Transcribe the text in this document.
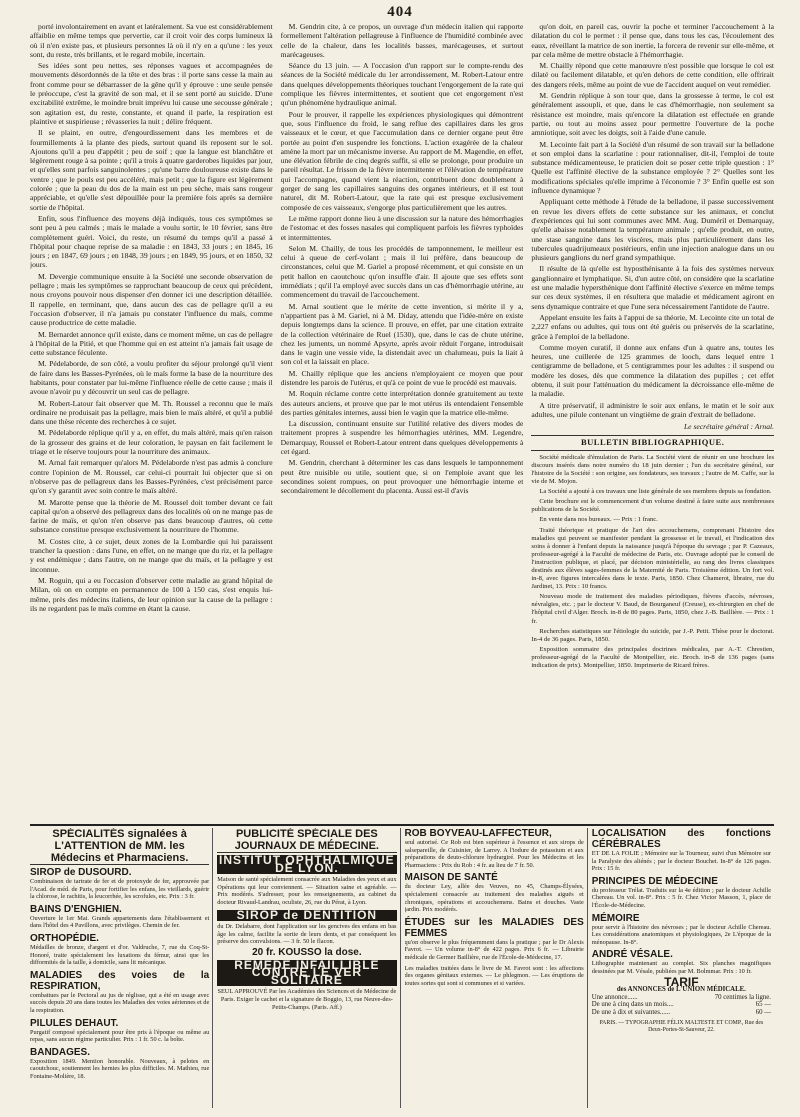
404

porté involontairement en avant et latéralement. Sa vue est considérablement affaiblie en même temps que pervertie, car il croit voir des corps lumineux là où il n'en existe pas, et plusieurs personnes là où il n'y en a qu'une : les yeux sont, du reste, très brillants, et le regard mobile, incertain.

Ses idées sont peu nettes, ses réponses vagues et accompagnées de mouvements désordonnés de la tête et des bras : il porte sans cesse la main au front comme pour se débarrasser de la gêne qu'il y éprouve : une seule pensée le préoccupe, c'est la gravité de son mal, et il se sent porté au suicide. D'une excitabilité extrême, le moindre bruit imprévu lui cause une secousse générale ; son agitation est, du reste, constante, et quand il parle, la respiration est plaintive et suspirieuse ; révasseries la nuit ; délire fréquent.

Il se plaint, en outre, d'engourdissement dans les membres et de fourmillements à la plante des pieds, surtout quand ils reposent sur le sol. Ajoutons qu'il a peu d'appétit ; peu de soif ; que la langue est blanchâtre et légèrement rouge à sa pointe ; qu'il a trois à quatre garderobes liquides par jour, et qu'elles sont parfois sanguinolentes ; qu'une barre douloureuse existe dans le ventre ; que le pouls est peu accéléré, mais petit ; que la figure est légèrement colorée ; que la peau du dos de la main est un peu sèche, mais sans rougeur appréciable, et qu'elle s'est dépouillée pour la première fois après sa dernière sortie de l'hôpital.

Enfin, sous l'influence des moyens déjà indiqués, tous ces symptômes se sont peu à peu calmés ; mais le malade a voulu sortir, le 10 février, sans être complètement guéri. Voici, du reste, un résumé du temps qu'il a passé à l'hôpital pour chaque reprise de sa maladie : en 1843, 33 jours ; en 1845, 16 jours ; en 1847, 69 jours ; en 1848, 39 jours ; en 1849, 95 jours, et en 1850, 32 jours.

M. Devergie communique ensuite à la Société une seconde observation de pellagre ; mais les symptômes se rapprochant beaucoup de ceux qui précèdent, nous croyons pouvoir nous dispenser d'en donner ici une description détaillée. Il rappelle, en terminant, que, dans aucun des cas de pellagre qu'il a eu l'occasion d'observer, il n'a jamais pu constater l'influence du maïs, comme cause productrice de cette maladie.

M. Bernardet annonce qu'il existe, dans ce moment même, un cas de pellagre à l'hôpital de la Pitié, et que l'homme qui en est atteint n'a jamais fait usage de cette substance féculente.

M. Pédelaborde, de son côté, a voulu profiter du séjour prolongé qu'il vient de faire dans les Basses-Pyrénées, où le maïs forme la base de la nourriture des habitants, pour constater par lui-même l'influence réelle de cette cause ; mais il avoue n'avoir pu y découvrir un seul cas de pellagre.

M. Robert-Latour fait observer que M. Th. Roussel a reconnu que le maïs ordinaire ne produisait pas la pellagre, mais bien le maïs altéré, et qu'il a publié dans une thèse récente des recherches à ce sujet.

M. Pédelaborde réplique qu'il y a, en effet, du maïs altéré, mais qu'en raison de la grosseur des grains et de leur coloration, le paysan en fait facilement le triage et le réserve toujours pour la nourriture des animaux.

M. Arnal fait remarquer qu'alors M. Pédelaborde n'est pas admis à conclure contre l'opinion de M. Roussel, car celui-ci pourrait lui objecter que si on n'observe pas de pellagreux dans les Basses-Pyrénées, c'est précisément parce qu'on s'y garantit avec soin contre le maïs altéré.

M. Marotte pense que la théorie de M. Roussel doit tomber devant ce fait capital qu'on a observé des pellagreux dans des localités où on ne mange pas de farine de maïs, et qu'on n'en observe pas dans beaucoup d'autres, où cette substance constitue presque exclusivement la nourriture de l'homme.

M. Costes cite, à ce sujet, deux zones de la Lombardie qui lui paraissent trancher la question : dans l'une, en effet, on ne mange que du riz, et la pellagre y est endémique ; dans l'autre, on ne mange que du maïs, et la pellagre y est inconnue.

M. Roguin, qui a eu l'occasion d'observer cette maladie au grand hôpital de Milan, où on en compte en permanence de 100 à 150 cas, s'est enquis lui-même, près des médecins italiens, de leur opinion sur la cause de la pellagre : ils ne regardent pas le maïs comme en étant la cause.

M. Gendrin cite, à ce propos, un ouvrage d'un médecin italien qui rapporte formellement l'altération pellagreuse à l'influence de l'humidité combinée avec celle de la chaleur, dans les localités basses, marécageuses, et surtout marécageuses.

Séance du 13 juin. — A l'occasion d'un rapport sur le compte-rendu des séances de la Société médicale du 1er arrondissement, M. Robert-Latour entre dans quelques développements théoriques touchant l'engorgement de la rate qui complique les fièvres intermittentes, et soutient que cet engorgement n'est qu'un phénomène hydraulique animal.

Pour le prouver, il rappelle les expériences physiologiques qui démontrent que, sous l'influence du froid, le sang reflue des capillaires dans les gros vaisseaux et le cœur, et que l'accumulation dans ce dernier organe peut être portée au point d'en suspendre les fonctions. L'action exagérée de la chaleur amène la mort par un mécanisme inverse. Au rapport de M. Magendie, en effet, une élévation fébrile de cinq degrés suffit, si elle se prolonge, pour produire un pareil résultat. Le frisson de la fièvre intermittente et l'élévation de température qui l'accompagne, quand vient la réaction, contribuent donc doublement à gorger de sang les capillaires sanguins des organes intérieurs, et il est tout naturel, dit M. Robert-Latour, que la rate qui est presque exclusivement composée de ces vaisseaux, s'engorge plus particulièrement que les autres.

Le même rapport donne lieu à une discussion sur la nature des hémorrhagies de l'estomac et des fosses nasales qui compliquent parfois les fièvres typhoïdes et intermittentes.

Selon M. Chailly, de tous les procédés de tamponnement, le meilleur est celui à queue de cerf-volant ; mais il lui préfère, dans beaucoup de circonstances, celui que M. Gariel a proposé récemment, et qui consiste en un petit ballon en caoutchouc qu'on insuffle d'air. Il ajoute que ses effets sont immédiats ; qu'il l'a employé avec succès dans un cas d'hémorrhagie utérine, au commencement du travail de l'accouchement.

M. Arnal soutient que le mérite de cette invention, si mérite il y a, n'appartient pas à M. Gariel, ni à M. Diday, attendu que l'idée-mère en existe depuis longtemps dans la science. Il prouve, en effet, par une citation extraite de la collection vétérinaire de Ruel (1530), que, dans le cas de chute utérine, chez les juments, un nommé Apsyrte, après avoir réduit l'organe, introduisait dans le vagin une vessie vide, la distendait avec un chalumeau, puis la liait à son col et la laissait en place.

M. Chailly réplique que les anciens n'employaient ce moyen que pour distendre les parois de l'utérus, et qu'à ce point de vue le procédé est mauvais.

M. Roquin réclame contre cette interprétation donnée gratuitement au texte des auteurs anciens, et prouve que par le mot utérus ils entendaient l'ensemble des parties génitales internes, aussi bien le vagin que la matrice elle-même.

La discussion, continuant ensuite sur l'utilité relative des divers modes de traitement propres à suspendre les hémorrhagies utérines, MM. Legendre, Demarquay, Roussel et Robert-Latour entrent dans quelques développements à cet égard.

M. Gendrin, cherchant à déterminer les cas dans lesquels le tamponnement peut être nuisible ou utile, soutient que, si on l'emploie avant que les secondines soient rompues, on peut provoquer une hémorrhagie interne et secondairement le décollement du placenta. Aussi est-il d'avis

qu'on doit, en pareil cas, ouvrir la poche et terminer l'accouchement à la dilatation du col le permet : il pense que, dans tous les cas, l'écoulement des eaux, réveillant la matrice de son inertie, la forcera de revenir sur elle-même, et par cela même de mettre obstacle à l'hémorrhagie.

M. Chailly répond que cette manœuvre n'est possible que lorsque le col est dilaté ou facilement dilatable, et qu'en dehors de cette condition, elle offrirait des dangers réels, même au point de vue de l'accident auquel on veut remédier.

M. Gendrin réplique à son tour que, dans la grossesse à terme, le col est généralement assoupli, et que, dans le cas d'hémorrhagie, non seulement sa résistance est moindre, mais qu'encore la dilatation est effectuée en grande partie, ou tout au moins assez pour permettre l'ouverture de la poche amniotique, soit avec les doigts, soit à l'aide d'une canule.

M. Lecointe fait part à la Société d'un résumé de son travail sur la belladone et son emploi dans la scarlatine : pour rationnaliser, dit-il, l'emploi de toute substance médicamenteuse, le praticien doit se poser cette triple question : 1° Quelle est l'affinité élective de la substance employée ? 2° Quelles sont les modifications spéciales qu'elle imprime à l'économie ? 3° Enfin quelle est son influence dynamique ?

Appliquant cette méthode à l'étude de la belladone, il passe successivement en revue les divers effets de cette substance sur les animaux, et conclut d'expériences qui lui sont communes avec MM. Aug. Duméril et Demarquay, qu'elle abaisse notablement la température animale ; qu'elle produit, en outre, une stase sanguine dans les viscères, mais plus particulièrement dans les tubercules quadrijumeaux postérieurs, enfin une injection analogue dans un ou plusieurs ganglions du nerf grand sympathique.

Il résulte de là qu'elle est hyposthénisante à la fois des systèmes nerveux ganglionnaire et lymphatique. Si, d'un autre côté, on considère que la scarlatine est une maladie hypersthénique dont l'affinité élective s'exerce en même temps sur ces deux systèmes, il en résultera que maladie et médicament agiront en sens dynamique contraire et que l'une sera nécessairement l'antidote de l'autre.

Appelant ensuite les faits à l'appui de sa théorie, M. Lecointe cite un total de 2,227 enfans ou adultes, qui tous ont été guéris ou préservés de la scarlatine, grâce à l'emploi de la belladone.

Comme moyen curatif, il donne aux enfans d'un à quatre ans, toutes les heures, une cuillerée de 125 grammes de looch, dans lequel entre 1 centigramme de belladone, et 5 centigrammes pour les adultes : il suspend ou modère les doses, dès que commence la dilatation des pupilles ; cet effet obtenu, il suit pour l'atténuation du médicament la décroissance elle-même de la maladie.

A titre préservatif, il administre le soir aux enfans, le matin et le soir aux adultes, une pilule contenant un vingtième de grain d'extrait de belladone.

Le secrétaire général : Arnal.
BULLETIN BIBLIOGRAPHIQUE.

Société médicale d'émulation de Paris. La Société vient de réunir en une brochure les discours insérés dans notre numéro du 18 juin dernier ; l'un du secrétaire général, sur l'histoire de la Société : son origine, ses fondateurs, ses travaux ; l'autre de M. Caffe, sur la vie de M. Mojon.

La Société a ajouté à ces travaux une liste générale de ses membres depuis sa fondation.

Cette brochure est le commencement d'un volume destiné à faire suite aux nombreuses publications de la Société.

En vente dans nos bureaux. — Prix : 1 franc.

Traité théorique et pratique de l'art des accouchemens, comprenant l'histoire des maladies qui peuvent se manifester pendant la grossesse et le travail, et l'indication des soins à donner à l'enfant depuis la naissance jusqu'à l'époque du sevrage ; par P. Cazeaux, professeur-agrégé à la Faculté de médecine de Paris, etc. Ouvrage adopté par le conseil de l'instruction publique, et placé, par décision ministérielle, au rang des livres classiques destinés aux élèves sages-femmes de la Maternité de Paris. Troisième édition. Un fort vol. in-8, avec figures intercalées dans le texte. Paris, 1850. Chez Chamerot, libraire, rue du Jardinet, 13. Prix : 10 francs.

Nouveau mode de traitement des maladies périodiques, fièvres d'accès, névroses, névralgies, etc. ; par le docteur V. Baud, de Bourganeuf (Creuse), ex-chirurgien en chef de l'hôpital civil d'Alger. Broch. in-8 de 80 pages. Paris, 1850, chez J.-B. Baillière. — Prix : 1 fr.

Recherches statistiques sur l'étiologie du suicide, par J.-P. Petit. Thèse pour le doctorat. In-4 de 36 pages. Paris, 1850.

Exposition sommaire des principales doctrines médicales, par A.-T. Chrestien, professeur-agrégé de la Faculté de Montpellier, etc. Broch. in-8 de 136 pages (sans indication de prix). Montpellier, 1850. Imprimerie de Ricard frères.

SPÉCIALITÉS signalées à L'ATTENTION de MM. les Médecins et Pharmaciens.
SIROP de DUSOURD.
Combinaison de tartrate de fer et de protoxyde de fer, approuvée par l'Acad. de méd. de Paris, pour fortifier les enfans, les vieillards, guérir la chlorose, le rachitis, la leucorrhée, les scrofules, etc. Prix : 3 fr.
BAINS D'ENGHIEN.
Ouverture le 1er Mai. Grands appartements dans l'établissement et dans l'hôtel des 4 Pavillons, avec privilèges. Chemin de fer.
ORTHOPÉDIE.
Médailles de bronze, d'argent et d'or. Valdruche, 7, rue du Coq-St-Honoré, traite spécialement les luxations du fémur, ainsi que les difformités de la taille, à domicile, sans lit mécanique.
MALADIES des voies de la RESPIRATION,
combattues par le Pectoral au jus de réglisse, qui a été en usage avec succès depuis 20 ans dans toutes les Maladies des voies aériennes et de la respiration.
PILULES DEHAUT.
Purgatif composé spécialement pour être pris à l'époque ou même au repas, sans aucun régime particulier. Prix : 1 fr. 50 c. la boîte.
BANDAGES.
Exposition 1849. Mention honorable. Nouveaux, à pelotes en caoutchouc, soutiennent les hernies les plus difficiles. M. Mathieu, rue Fontaine-Molière, 18.
PUBLICITÉ SPÉCIALE DES JOURNAUX DE MÉDECINE.
INSTITUT OPHTHALMIQUE DE LYON.
Maison de santé spécialement consacrée aux Maladies des yeux et aux Opérations qui leur conviennent. — Situation saine et agréable. — Prix modérés. S'adresser, pour les renseignements, au cabinet du docteur Rivaud-Landrau, oculiste, 26, rue du Pérat, à Lyon.
SIROP de DENTITION
du Dr. Delabarre, dont l'application sur les gencives des enfans en bas âge les calme, facilite la sortie de leurs dents, et par conséquent les préserve des convulsions. — 3 fr. 50 le flacon.
20 fr. KOUSSO la dose.
REMÈDE INFAILLIBLE CONTRE LE VER SOLITAIRE
SEUL APPROUVÉ Par les Académies des Sciences et de Médecine de Paris. Exiger le cachet et la signature de Boggio, 13, rue Neuve-des-Petits-Champs. (Paris. Aff.)
ROB BOYVEAU-LAFFECTEUR,
seul autorisé. Ce Rob est bien supérieur à l'essence et aux sirops de salsepareille, de Cuisinier, de Larrey. A l'iodure de potassium et aux préparations de deuto-chlorure hydrargiré. Pour les Médecins et les Pharmaciens : Prix du Rob : 4 fr. au lieu de 7 fr. 50.
MAISON DE SANTÉ
du docteur Ley, allée des Veuves, no 45, Champs-Élysées, spécialement consacrée au traitement des maladies aiguës et chroniques, opérations et accouchemens. Bains et douches. Vaste jardin. Prix modérés.
ÉTUDES sur les MALADIES DES FEMMES
qu'on observe le plus fréquemment dans la pratique ; par le Dr Alexis Favrot. — Un volume in-8° de 422 pages. Prix 6 fr. — Librairie médicale de Germer Baillière, rue de l'École-de-Médecine, 17.
Les maladies traitées dans le livre de M. Favrot sont : les affections des organes génitaux externes. — Le phlegmon. — Les éruptions de toutes sortes qui sont si communes et si variées.
LOCALISATION des fonctions CÉRÉBRALES
ET DE LA FOLIE ; Mémoire sur la Tourneur, suivi d'un Mémoire sur la Paralysie des aliénés ; par le docteur Bouchet. In-8° de 126 pages. Prix : 15 fr.
PRINCIPES DE MÉDECINE
du professeur Trélat. Traduits sur la 4e édition ; par le docteur Achille Chereau. Un vol. in-8°. Prix : 5 fr. Chez Victor Masson, 1, place de l'École-de-Médecine.
MÉMOIRE
pour servir à l'histoire des névroses ; par le docteur Achille Chereau. Les considérations anatomiques et physiologiques, 2e L'époque de la ménopause. In-8°.
ANDRÉ VÉSALE.
Lithographie maintenant au complet. Six planches magnifiques dessinées par M. Vésale, publiées par M. Bolmmar. Prix : 10 fr.
TARIF
des ANNONCES de L'UNION MÉDICALE.
Une annonce......	70 centimes la ligne.
De une à cinq dans un mois....	65 —
De une à dix et suivantes......	60 —
PARIS. — TYPOGRAPHIE FÉLIX MALTESTE ET COMP., Rue des Deux-Portes-St-Sauveur, 22.
